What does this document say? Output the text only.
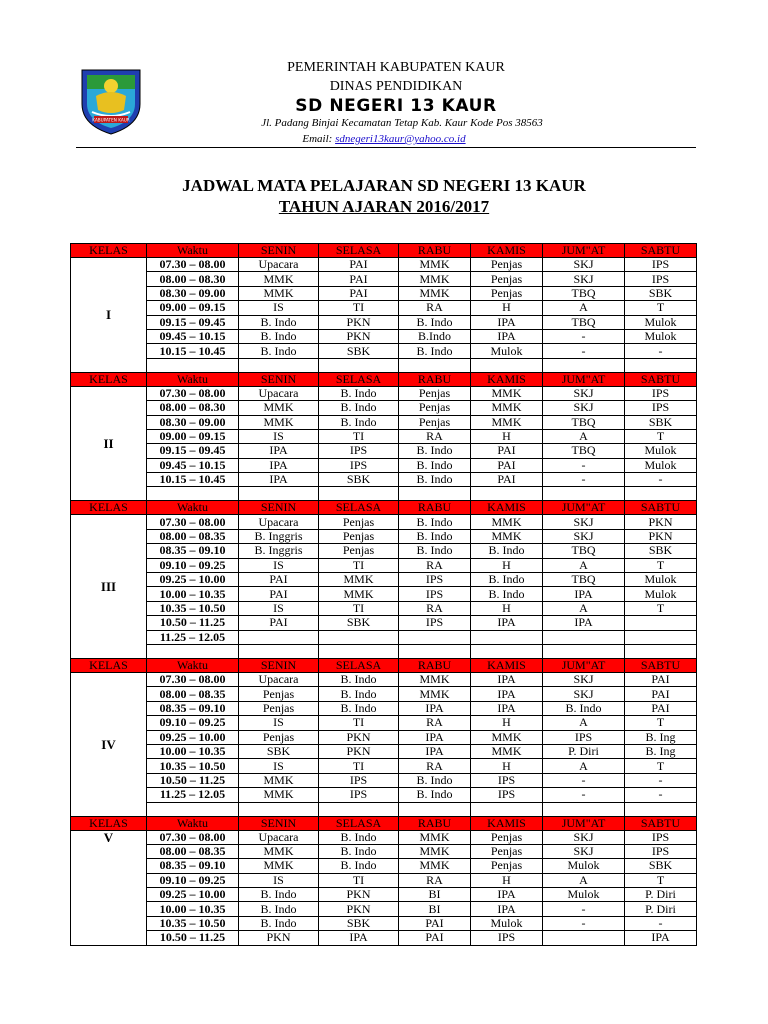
KABUPATEN KAUR
PEMERINTAH KABUPATEN KAUR
DINAS PENDIDIKAN
SD NEGERI 13 KAUR
Jl. Padang Binjai Kecamatan Tetap Kab. Kaur Kode Pos 38563
Email: sdnegeri13kaur@yahoo.co.id
JADWAL MATA PELAJARAN SD NEGERI 13 KAUR
TAHUN AJARAN 2016/2017
KELAS	Waktu	SENIN	SELASA	RABU	KAMIS	JUM"AT	SABTU
I	07.30 – 08.00	Upacara	PAI	MMK	Penjas	SKJ	IPS
	08.00 – 08.30	MMK	PAI	MMK	Penjas	SKJ	IPS
	08.30 – 09.00	MMK	PAI	MMK	Penjas	TBQ	SBK
	09.00 – 09.15	IS	TI	RA	H	A	T
	09.15 – 09.45	B. Indo	PKN	B. Indo	IPA	TBQ	Mulok
	09.45 – 10.15	B. Indo	PKN	B.Indo	IPA	-	Mulok
	10.15 – 10.45	B. Indo	SBK	B. Indo	Mulok	-	-

KELAS	Waktu	SENIN	SELASA	RABU	KAMIS	JUM"AT	SABTU
II	07.30 – 08.00	Upacara	B. Indo	Penjas	MMK	SKJ	IPS
	08.00 – 08.30	MMK	B. Indo	Penjas	MMK	SKJ	IPS
	08.30 – 09.00	MMK	B. Indo	Penjas	MMK	TBQ	SBK
	09.00 – 09.15	IS	TI	RA	H	A	T
	09.15 – 09.45	IPA	IPS	B. Indo	PAI	TBQ	Mulok
	09.45 – 10.15	IPA	IPS	B. Indo	PAI	-	Mulok
	10.15 – 10.45	IPA	SBK	B. Indo	PAI	-	-

KELAS	Waktu	SENIN	SELASA	RABU	KAMIS	JUM"AT	SABTU
III	07.30 – 08.00	Upacara	Penjas	B. Indo	MMK	SKJ	PKN
	08.00 – 08.35	B. Inggris	Penjas	B. Indo	MMK	SKJ	PKN
	08.35 – 09.10	B. Inggris	Penjas	B. Indo	B. Indo	TBQ	SBK
	09.10 – 09.25	IS	TI	RA	H	A	T
	09.25 – 10.00	PAI	MMK	IPS	B. Indo	TBQ	Mulok
	10.00 – 10.35	PAI	MMK	IPS	B. Indo	IPA	Mulok
	10.35 – 10.50	IS	TI	RA	H	A	T
	10.50 – 11.25	PAI	SBK	IPS	IPA	IPA	
	11.25 – 12.05						

KELAS	Waktu	SENIN	SELASA	RABU	KAMIS	JUM"AT	SABTU
IV	07.30 – 08.00	Upacara	B. Indo	MMK	IPA	SKJ	PAI
	08.00 – 08.35	Penjas	B. Indo	MMK	IPA	SKJ	PAI
	08.35 – 09.10	Penjas	B. Indo	IPA	IPA	B. Indo	PAI
	09.10 – 09.25	IS	TI	RA	H	A	T
	09.25 – 10.00	Penjas	PKN	IPA	MMK	IPS	B. Ing
	10.00 – 10.35	SBK	PKN	IPA	MMK	P. Diri	B. Ing
	10.35 – 10.50	IS	TI	RA	H	A	T
	10.50 – 11.25	MMK	IPS	B. Indo	IPS	-	-
	11.25 – 12.05	MMK	IPS	B. Indo	IPS	-	-

KELAS	Waktu	SENIN	SELASA	RABU	KAMIS	JUM"AT	SABTU
V	07.30 – 08.00	Upacara	B. Indo	MMK	Penjas	SKJ	IPS
	08.00 – 08.35	MMK	B. Indo	MMK	Penjas	SKJ	IPS
	08.35 – 09.10	MMK	B. Indo	MMK	Penjas	Mulok	SBK
	09.10 – 09.25	IS	TI	RA	H	A	T
	09.25 – 10.00	B. Indo	PKN	BI	IPA	Mulok	P. Diri
	10.00 – 10.35	B. Indo	PKN	BI	IPA	-	P. Diri
	10.35 – 10.50	B. Indo	SBK	PAI	Mulok	-	-
	10.50 – 11.25	PKN	IPA	PAI	IPS		IPA
